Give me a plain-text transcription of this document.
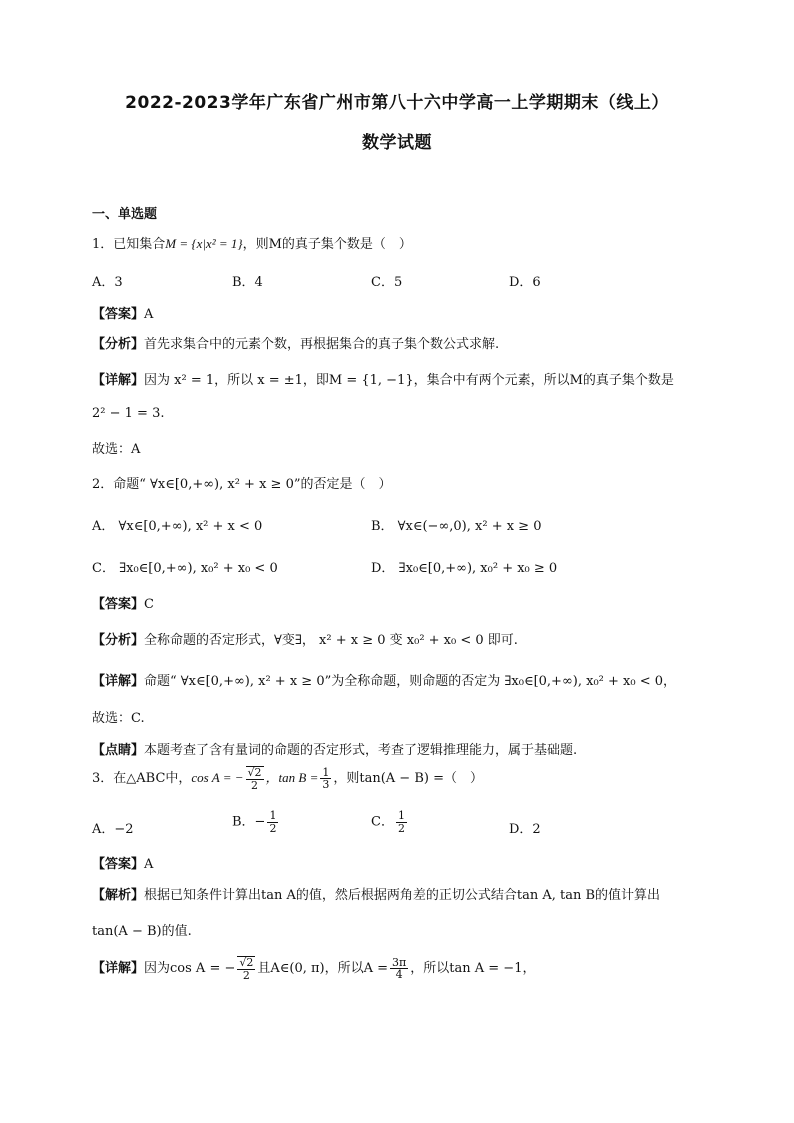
2022-2023学年广东省广州市第八十六中学高一上学期期末（线上）
数学试题
一、单选题
1．已知集合M = {x|x² = 1}，则M的真子集个数是（　）
A．3	B．4	C．5	D．6
【答案】A
【分析】首先求集合中的元素个数，再根据集合的真子集个数公式求解.
【详解】因为 x² = 1，所以 x = ±1，即M = {1, −1}，集合中有两个元素，所以M的真子集个数是
2² − 1 = 3.
故选：A
2．命题“ ∀x∈[0,+∞), x² + x ≥ 0”的否定是（　）
A． ∀x∈[0,+∞), x² + x < 0	B． ∀x∈(−∞,0), x² + x ≥ 0
C． ∃x₀∈[0,+∞), x₀² + x₀ < 0	D． ∃x₀∈[0,+∞), x₀² + x₀ ≥ 0
【答案】C
【分析】全称命题的否定形式，∀变∃， x² + x ≥ 0 变 x₀² + x₀ < 0 即可.
【详解】命题“ ∀x∈[0,+∞), x² + x ≥ 0”为全称命题，则命题的否定为 ∃x₀∈[0,+∞), x₀² + x₀ < 0，
故选：C.
【点睛】本题考查了含有量词的命题的否定形式，考查了逻辑推理能力，属于基础题.
3．在△ABC中，cos A = − $\frac{√2}{2}$ ，$\tan B = \frac{1}{3}$ ，则tan(A − B) =（　）
A．−2	B．− $\frac{1}{2}$	C． $\frac{1}{2}$	D．2
【答案】A
【解析】根据已知条件计算出tan A的值，然后根据两角差的正切公式结合tan A, tan B的值计算出
tan(A − B)的值.
【详解】因为cos A = − $\frac{√2}{2}$ 且A∈(0, π)，所以$A = \frac{3\pi}{4}$ ，所以tan A = −1，
